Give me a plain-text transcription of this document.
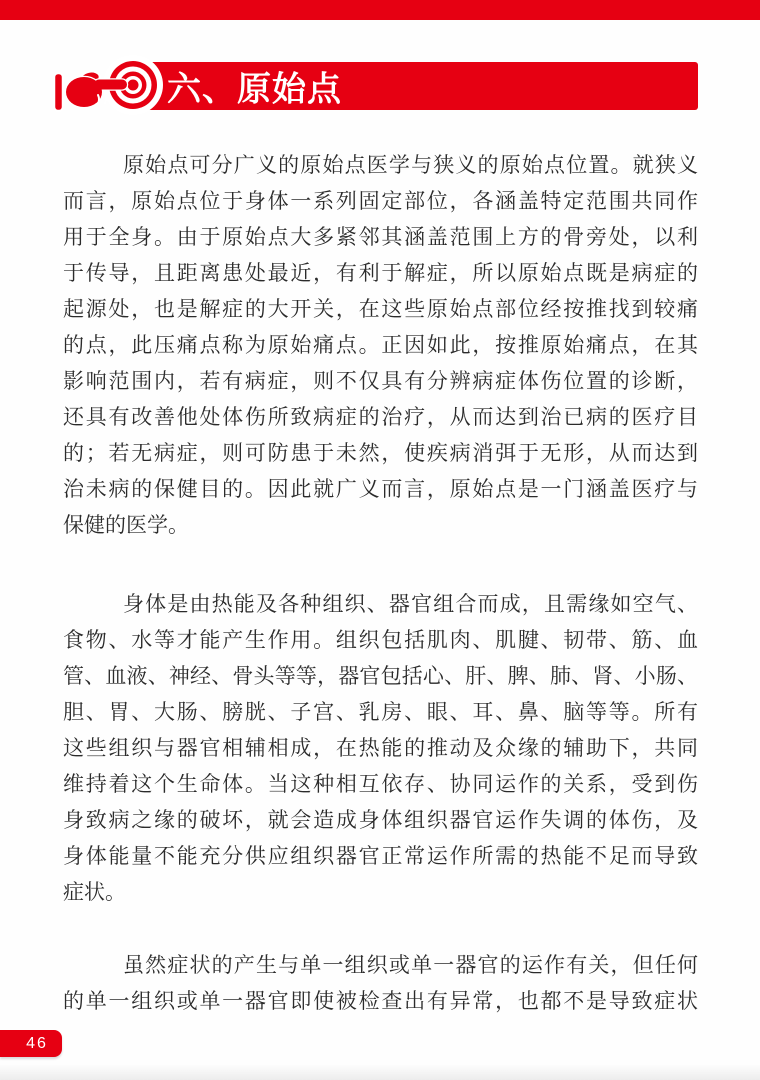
六、原始点
原始点可分广义的原始点医学与狭义的原始点位置。就狭义
而言，原始点位于身体一系列固定部位，各涵盖特定范围共同作
用于全身。由于原始点大多紧邻其涵盖范围上方的骨旁处，以利
于传导，且距离患处最近，有利于解症，所以原始点既是病症的
起源处，也是解症的大开关，在这些原始点部位经按推找到较痛
的点，此压痛点称为原始痛点。正因如此，按推原始痛点，在其
影响范围内，若有病症，则不仅具有分辨病症体伤位置的诊断，
还具有改善他处体伤所致病症的治疗，从而达到治已病的医疗目
的；若无病症，则可防患于未然，使疾病消弭于无形，从而达到
治未病的保健目的。因此就广义而言，原始点是一门涵盖医疗与
保健的医学。
身体是由热能及各种组织、器官组合而成，且需缘如空气、
食物、水等才能产生作用。组织包括肌肉、肌腱、韧带、筋、血
管、血液、神经、骨头等等，器官包括心、肝、脾、肺、肾、小肠、
胆、胃、大肠、膀胱、子宫、乳房、眼、耳、鼻、脑等等。所有
这些组织与器官相辅相成，在热能的推动及众缘的辅助下，共同
维持着这个生命体。当这种相互依存、协同运作的关系，受到伤
身致病之缘的破坏，就会造成身体组织器官运作失调的体伤，及
身体能量不能充分供应组织器官正常运作所需的热能不足而导致
症状。
虽然症状的产生与单一组织或单一器官的运作有关，但任何
的单一组织或单一器官即使被检查出有异常，也都不是导致症状
46
